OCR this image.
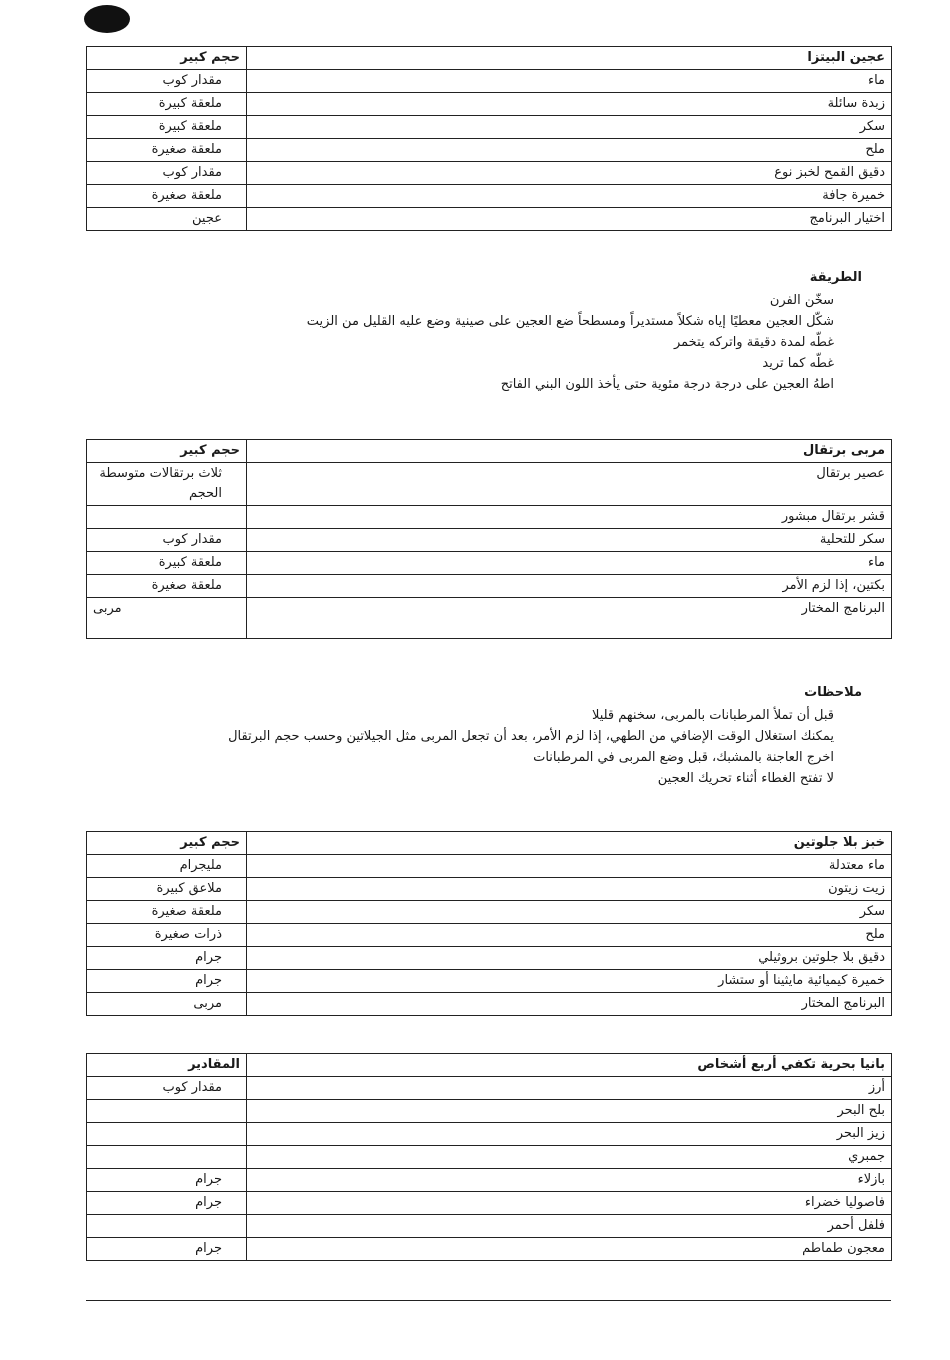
عجين البيتزا	حجم كبير
ماء	مقدار كوب
زبدة سائلة	ملعقة كبيرة
سكر	ملعقة كبيرة
ملح	ملعقة صغيرة
دقيق القمح لخبز نوع	مقدار كوب
خميرة جافة	ملعقة صغيرة
اختيار البرنامج	عجين
الطريقة
سخّن الفرن
شكّل العجين معطيًا إياه شكلاً مستديراً ومسطحاً ضع العجين على صينية وضع عليه القليل من الزيت
غطّه لمدة دقيقة واتركه يتخمر
غطّه كما تريد
اطهُ العجين على درجة درجة مئوية حتى يأخذ اللون البني الفاتح
مربى برتقال	حجم كبير
عصير برتقال	ثلاث برتقالات متوسطة الحجم
قشر برتقال مبشور	
سكر للتحلية	مقدار كوب
ماء	ملعقة كبيرة
بكتين، إذا لزم الأمر	ملعقة صغيرة
البرنامج المختار	مربى
ملاحظات
قبل أن تملأ المرطبانات بالمربى، سخنهم قليلا
يمكنك استغلال الوقت الإضافي من الطهي، إذا لزم الأمر، بعد أن تجعل المربى مثل الجيلاتين وحسب حجم البرتقال
اخرج العاجنة بالمشبك، قبل وضع المربى في المرطبانات
لا تفتح الغطاء أثناء تحريك العجين
خبز بلا جلوتين	حجم كبير
ماء معتدلة	مليجرام
زيت زيتون	ملاعق كبيرة
سكر	ملعقة صغيرة
ملح	ذرات صغيرة
دقيق بلا جلوتين بروثيلي	جرام
خميرة كيميائية مايثينا أو ستشار	جرام
البرنامج المختار	مربى
بانيا بحرية تكفي أربع أشخاص	المقادير
أرز	مقدار كوب
بلح البحر	
زيز البحر	
جمبري	
بازلاء	جرام
فاصوليا خضراء	جرام
فلفل أحمر	
معجون طماطم	جرام
